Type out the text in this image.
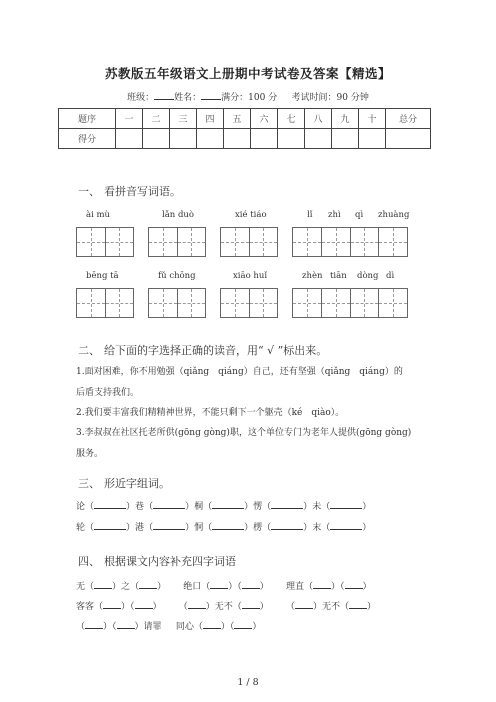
苏教版五年级语文上册期中考试卷及答案【精选】
班级： 姓名： 满分：100 分 考试时间：90 分钟
题序	一	二	三	四	五	六	七	八	九	十	总分
得分											
一、 看拼音写词语。
ài mù	lǎn duò	xié tiáo	lǐ zhì qì zhuàng
bēng tā	fǔ chōng	xiāo huǐ	zhèn tiān dòng dì
二、 给下面的字选择正确的读音，用“ √ ”标出来。
1.面对困难，你不用勉强（qiǎng　qiáng）自己，还有坚强（qiǎng　qiáng）的
后盾支持我们。
2.我们要丰富我们精精神世界，不能只剩下一个躯壳（ké　qiào）。
3.李叔叔在社区托老所供(gōng gòng)职，这个单位专门为老年人提供(gōng gòng)
服务。
三、 形近字组词。
论（	）巷（	）桐（	）愣（	）未（	）
轮（	）港（	）恫（	）楞（	）末（	）
四、 根据课文内容补充四字词语
无（ ）之（ ）      绝口（ ）（ ）      理直（ ）（ ）
客客（ ）（ ）      （ ）无不（ ）      （ ）无不（ ）
（ ）（ ）请罪 同心（ ）（ ）
1 / 8
